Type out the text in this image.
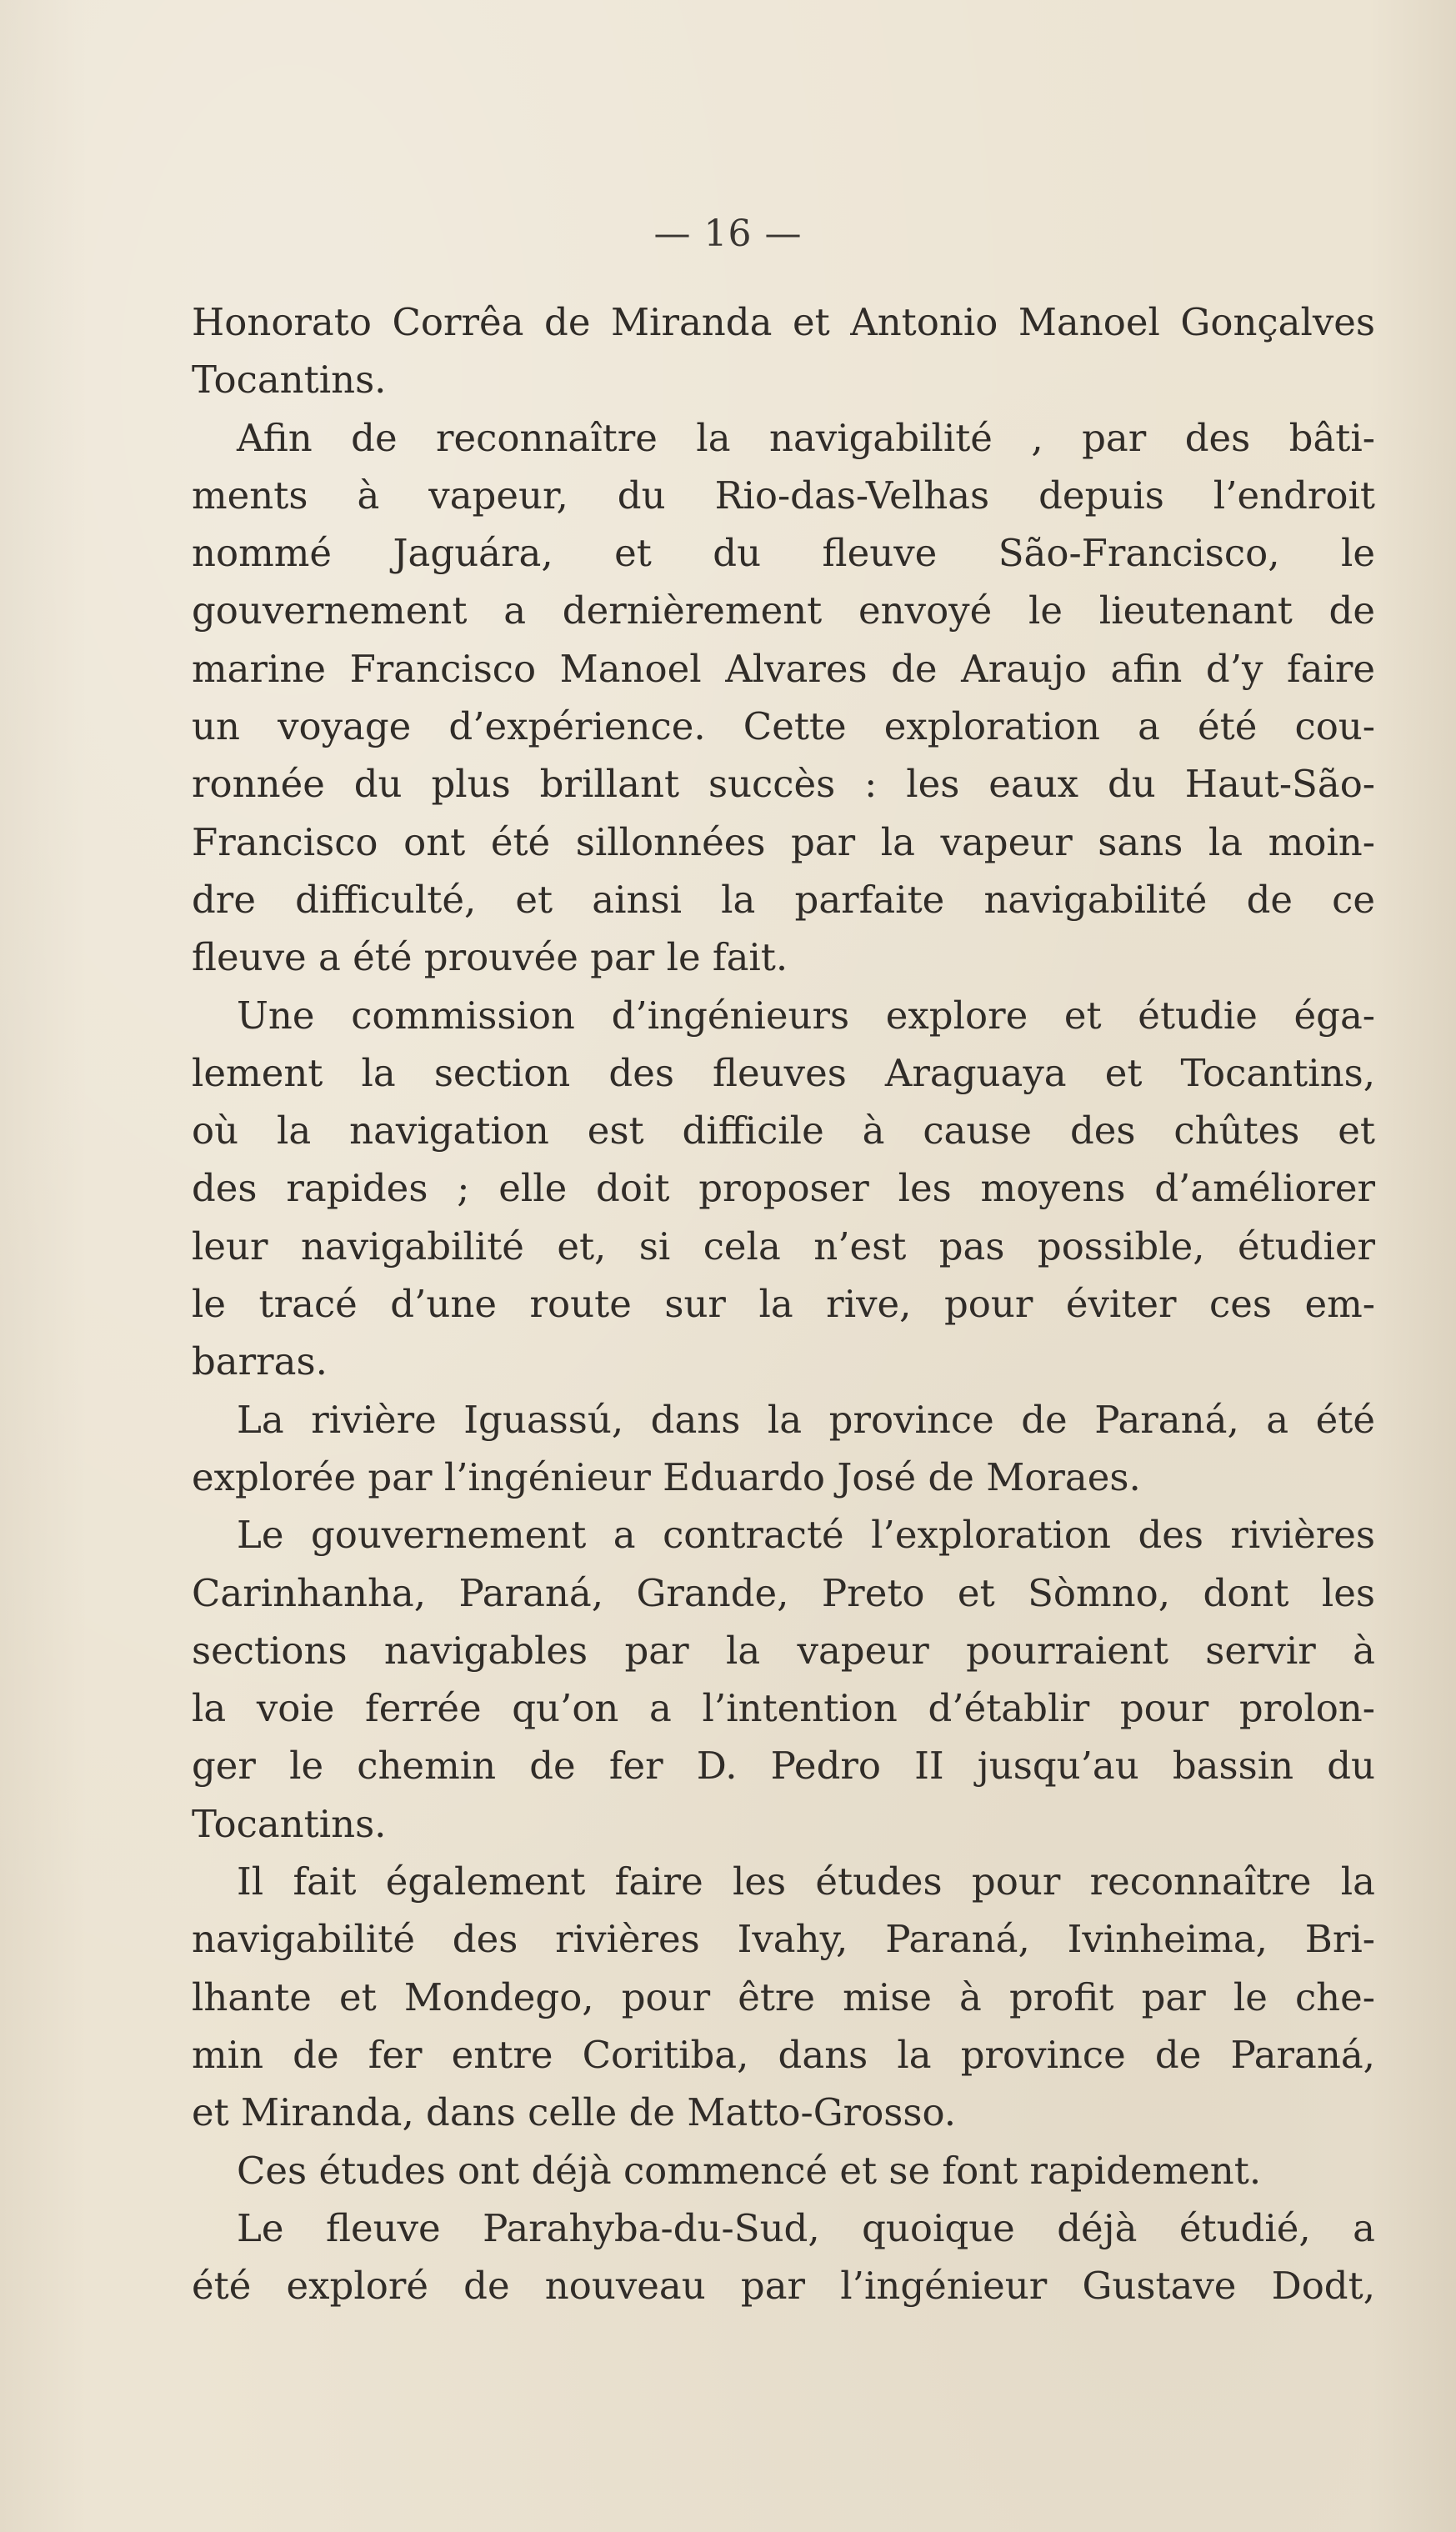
— 16 —

Honorato Corrêa de Miranda et Antonio Manoel Gonçalves
Tocantins.

Afin de reconnaître la navigabilité , par des bâti-
ments à vapeur, du Rio-das-Velhas depuis l’endroit
nommé Jaguára, et du fleuve São-Francisco, le
gouvernement a dernièrement envoyé le lieutenant de
marine Francisco Manoel Alvares de Araujo afin d’y faire
un voyage d’expérience. Cette exploration a été cou-
ronnée du plus brillant succès : les eaux du Haut-São-
Francisco ont été sillonnées par la vapeur sans la moin-
dre difficulté, et ainsi la parfaite navigabilité de ce
fleuve a été prouvée par le fait.

Une commission d’ingénieurs explore et étudie éga-
lement la section des fleuves Araguaya et Tocantins,
où la navigation est difficile à cause des chûtes et
des rapides ; elle doit proposer les moyens d’améliorer
leur navigabilité et, si cela n’est pas possible, étudier
le tracé d’une route sur la rive, pour éviter ces em-
barras.

La rivière Iguassú, dans la province de Paraná, a été
explorée par l’ingénieur Eduardo José de Moraes.

Le gouvernement a contracté l’exploration des rivières
Carinhanha, Paraná, Grande, Preto et Sòmno, dont les
sections navigables par la vapeur pourraient servir à
la voie ferrée qu’on a l’intention d’établir pour prolon-
ger le chemin de fer D. Pedro II jusqu’au bassin du
Tocantins.

Il fait également faire les études pour reconnaître la
navigabilité des rivières Ivahy, Paraná, Ivinheima, Bri-
lhante et Mondego, pour être mise à profit par le che-
min de fer entre Coritiba, dans la province de Paraná,
et Miranda, dans celle de Matto-Grosso.

Ces études ont déjà commencé et se font rapidement.

Le fleuve Parahyba-du-Sud, quoique déjà étudié, a
été exploré de nouveau par l’ingénieur Gustave Dodt,
